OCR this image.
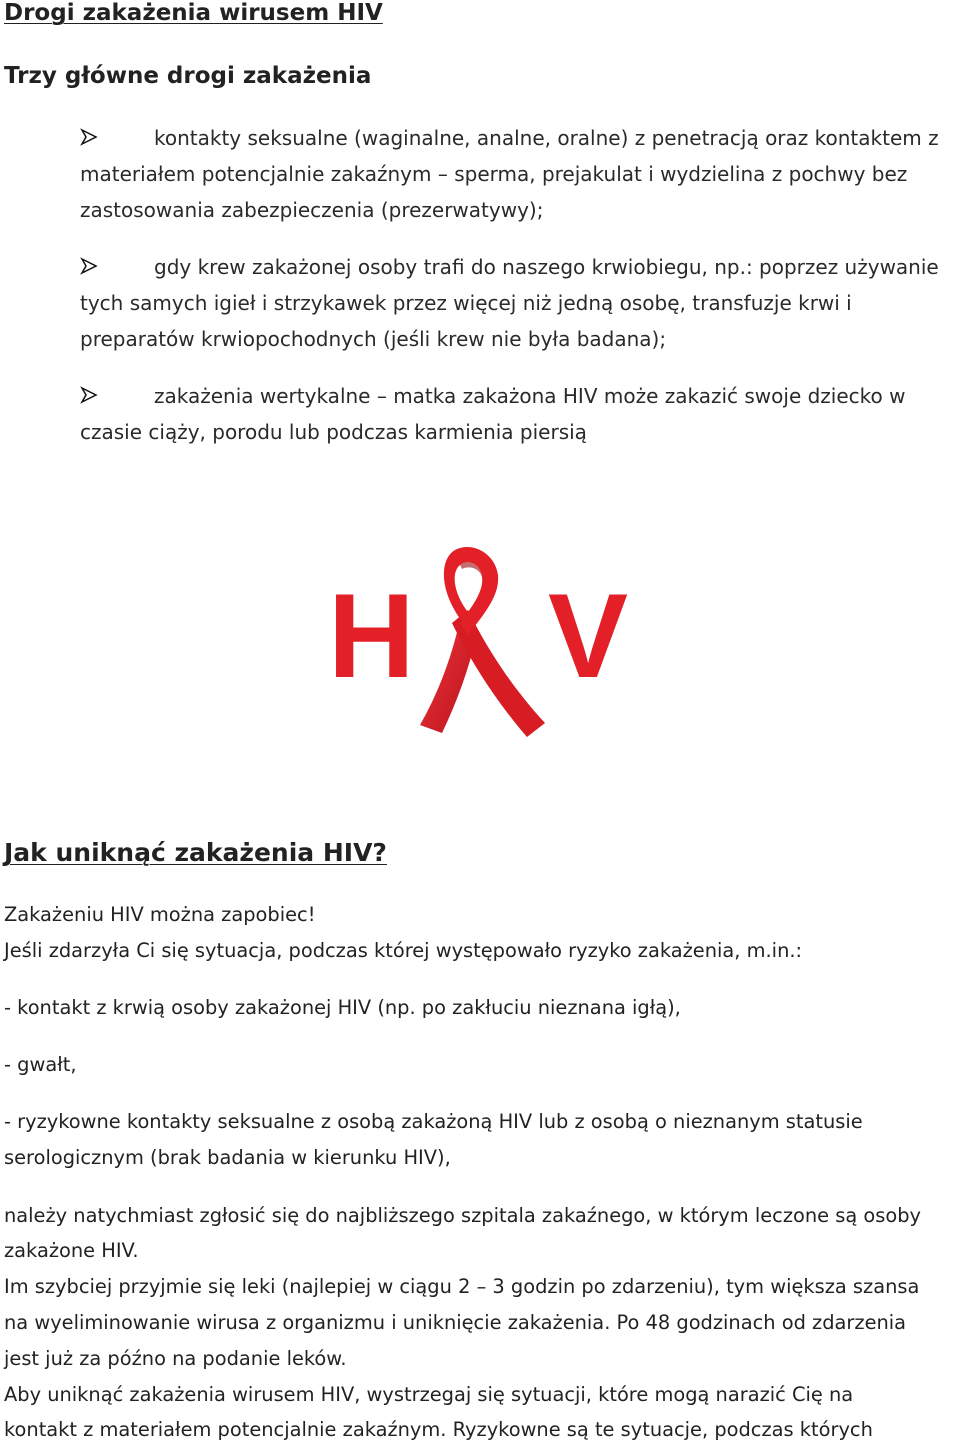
Drogi zakażenia wirusem HIV
Trzy główne drogi zakażenia
kontakty seksualne (waginalne, analne, oralne) z penetracją oraz kontaktem z
materiałem potencjalnie zakaźnym – sperma, prejakulat i wydzielina z pochwy bez
zastosowania zabezpieczenia (prezerwatywy);
gdy krew zakażonej osoby trafi do naszego krwiobiegu, np.: poprzez używanie
tych samych igieł i strzykawek przez więcej niż jedną osobę, transfuzje krwi i
preparatów krwiopochodnych (jeśli krew nie była badana);
zakażenia wertykalne – matka zakażona HIV może zakazić swoje dziecko w
czasie ciąży, porodu lub podczas karmienia piersią
H V
Jak uniknąć zakażenia HIV?
Zakażeniu HIV można zapobiec!
Jeśli zdarzyła Ci się sytuacja, podczas której występowało ryzyko zakażenia, m.in.:
- kontakt z krwią osoby zakażonej HIV (np. po zakłuciu nieznana igłą),
- gwałt,
- ryzykowne kontakty seksualne z osobą zakażoną HIV lub z osobą o nieznanym statusie
serologicznym (brak badania w kierunku HIV),
należy natychmiast zgłosić się do najbliższego szpitala zakaźnego, w którym leczone są osoby
zakażone HIV.
Im szybciej przyjmie się leki (najlepiej w ciągu 2 – 3 godzin po zdarzeniu), tym większa szansa
na wyeliminowanie wirusa z organizmu i uniknięcie zakażenia. Po 48 godzinach od zdarzenia
jest już za późno na podanie leków.
Aby uniknąć zakażenia wirusem HIV, wystrzegaj się sytuacji, które mogą narazić Cię na
kontakt z materiałem potencjalnie zakaźnym. Ryzykowne są te sytuacje, podczas których
